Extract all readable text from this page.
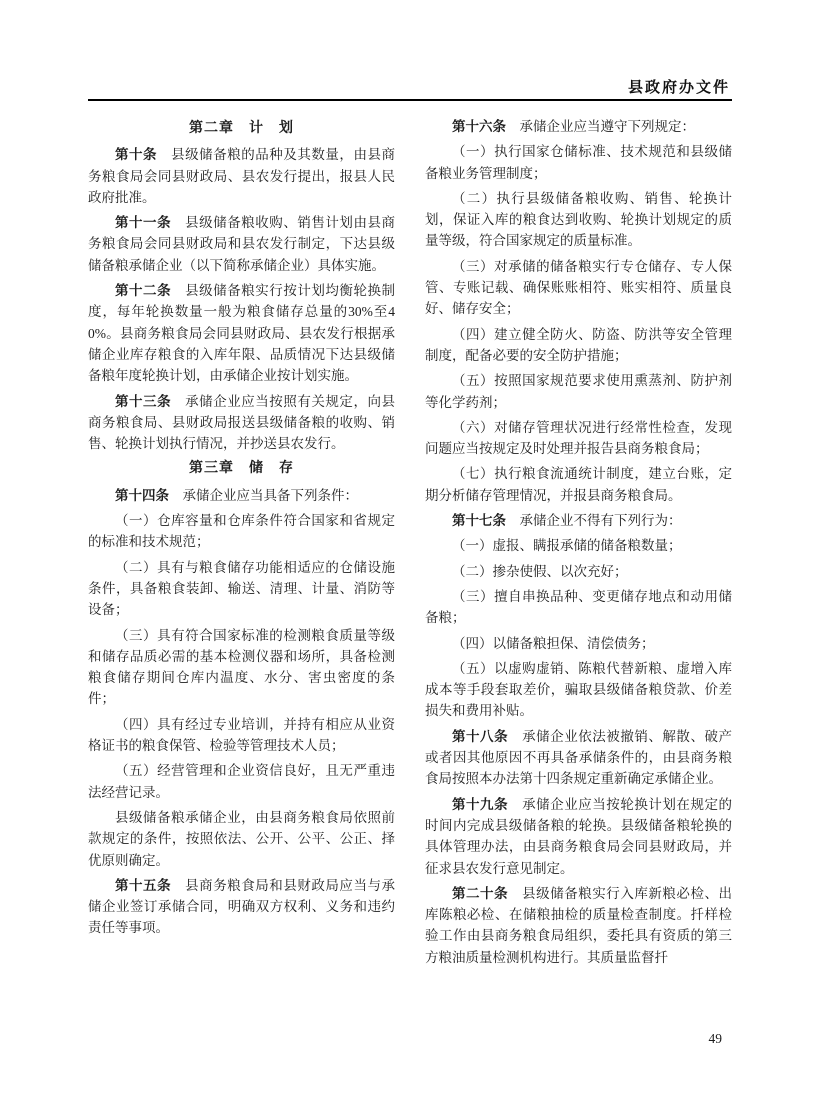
县政府办文件

第二章　计　划

第十条　县级储备粮的品种及其数量，由县商务粮食局会同县财政局、县农发行提出，报县人民政府批准。

第十一条　县级储备粮收购、销售计划由县商务粮食局会同县财政局和县农发行制定，下达县级储备粮承储企业（以下简称承储企业）具体实施。

第十二条　县级储备粮实行按计划均衡轮换制度，每年轮换数量一般为粮食储存总量的30%至40%。县商务粮食局会同县财政局、县农发行根据承储企业库存粮食的入库年限、品质情况下达县级储备粮年度轮换计划，由承储企业按计划实施。

第十三条　承储企业应当按照有关规定，向县商务粮食局、县财政局报送县级储备粮的收购、销售、轮换计划执行情况，并抄送县农发行。

第三章　储　存

第十四条　承储企业应当具备下列条件：

（一）仓库容量和仓库条件符合国家和省规定的标准和技术规范；

（二）具有与粮食储存功能相适应的仓储设施条件，具备粮食装卸、输送、清理、计量、消防等设备；

（三）具有符合国家标准的检测粮食质量等级和储存品质必需的基本检测仪器和场所，具备检测粮食储存期间仓库内温度、水分、害虫密度的条件；

（四）具有经过专业培训，并持有相应从业资格证书的粮食保管、检验等管理技术人员；

（五）经营管理和企业资信良好，且无严重违法经营记录。

县级储备粮承储企业，由县商务粮食局依照前款规定的条件，按照依法、公开、公平、公正、择优原则确定。

第十五条　县商务粮食局和县财政局应当与承储企业签订承储合同，明确双方权利、义务和违约责任等事项。

第十六条　承储企业应当遵守下列规定：

（一）执行国家仓储标准、技术规范和县级储备粮业务管理制度；

（二）执行县级储备粮收购、销售、轮换计划，保证入库的粮食达到收购、轮换计划规定的质量等级，符合国家规定的质量标准。

（三）对承储的储备粮实行专仓储存、专人保管、专账记载、确保账账相符、账实相符、质量良好、储存安全；

（四）建立健全防火、防盗、防洪等安全管理制度，配备必要的安全防护措施；

（五）按照国家规范要求使用熏蒸剂、防护剂等化学药剂；

（六）对储存管理状况进行经常性检查，发现问题应当按规定及时处理并报告县商务粮食局；

（七）执行粮食流通统计制度，建立台账，定期分析储存管理情况，并报县商务粮食局。

第十七条　承储企业不得有下列行为：

（一）虚报、瞒报承储的储备粮数量；

（二）掺杂使假、以次充好；

（三）擅自串换品种、变更储存地点和动用储备粮；

（四）以储备粮担保、清偿债务；

（五）以虚购虚销、陈粮代替新粮、虚增入库成本等手段套取差价，骗取县级储备粮贷款、价差损失和费用补贴。

第十八条　承储企业依法被撤销、解散、破产或者因其他原因不再具备承储条件的，由县商务粮食局按照本办法第十四条规定重新确定承储企业。

第十九条　承储企业应当按轮换计划在规定的时间内完成县级储备粮的轮换。县级储备粮轮换的具体管理办法，由县商务粮食局会同县财政局，并征求县农发行意见制定。

第二十条　县级储备粮实行入库新粮必检、出库陈粮必检、在储粮抽检的质量检查制度。扦样检验工作由县商务粮食局组织，委托具有资质的第三方粮油质量检测机构进行。其质量监督扦

49
